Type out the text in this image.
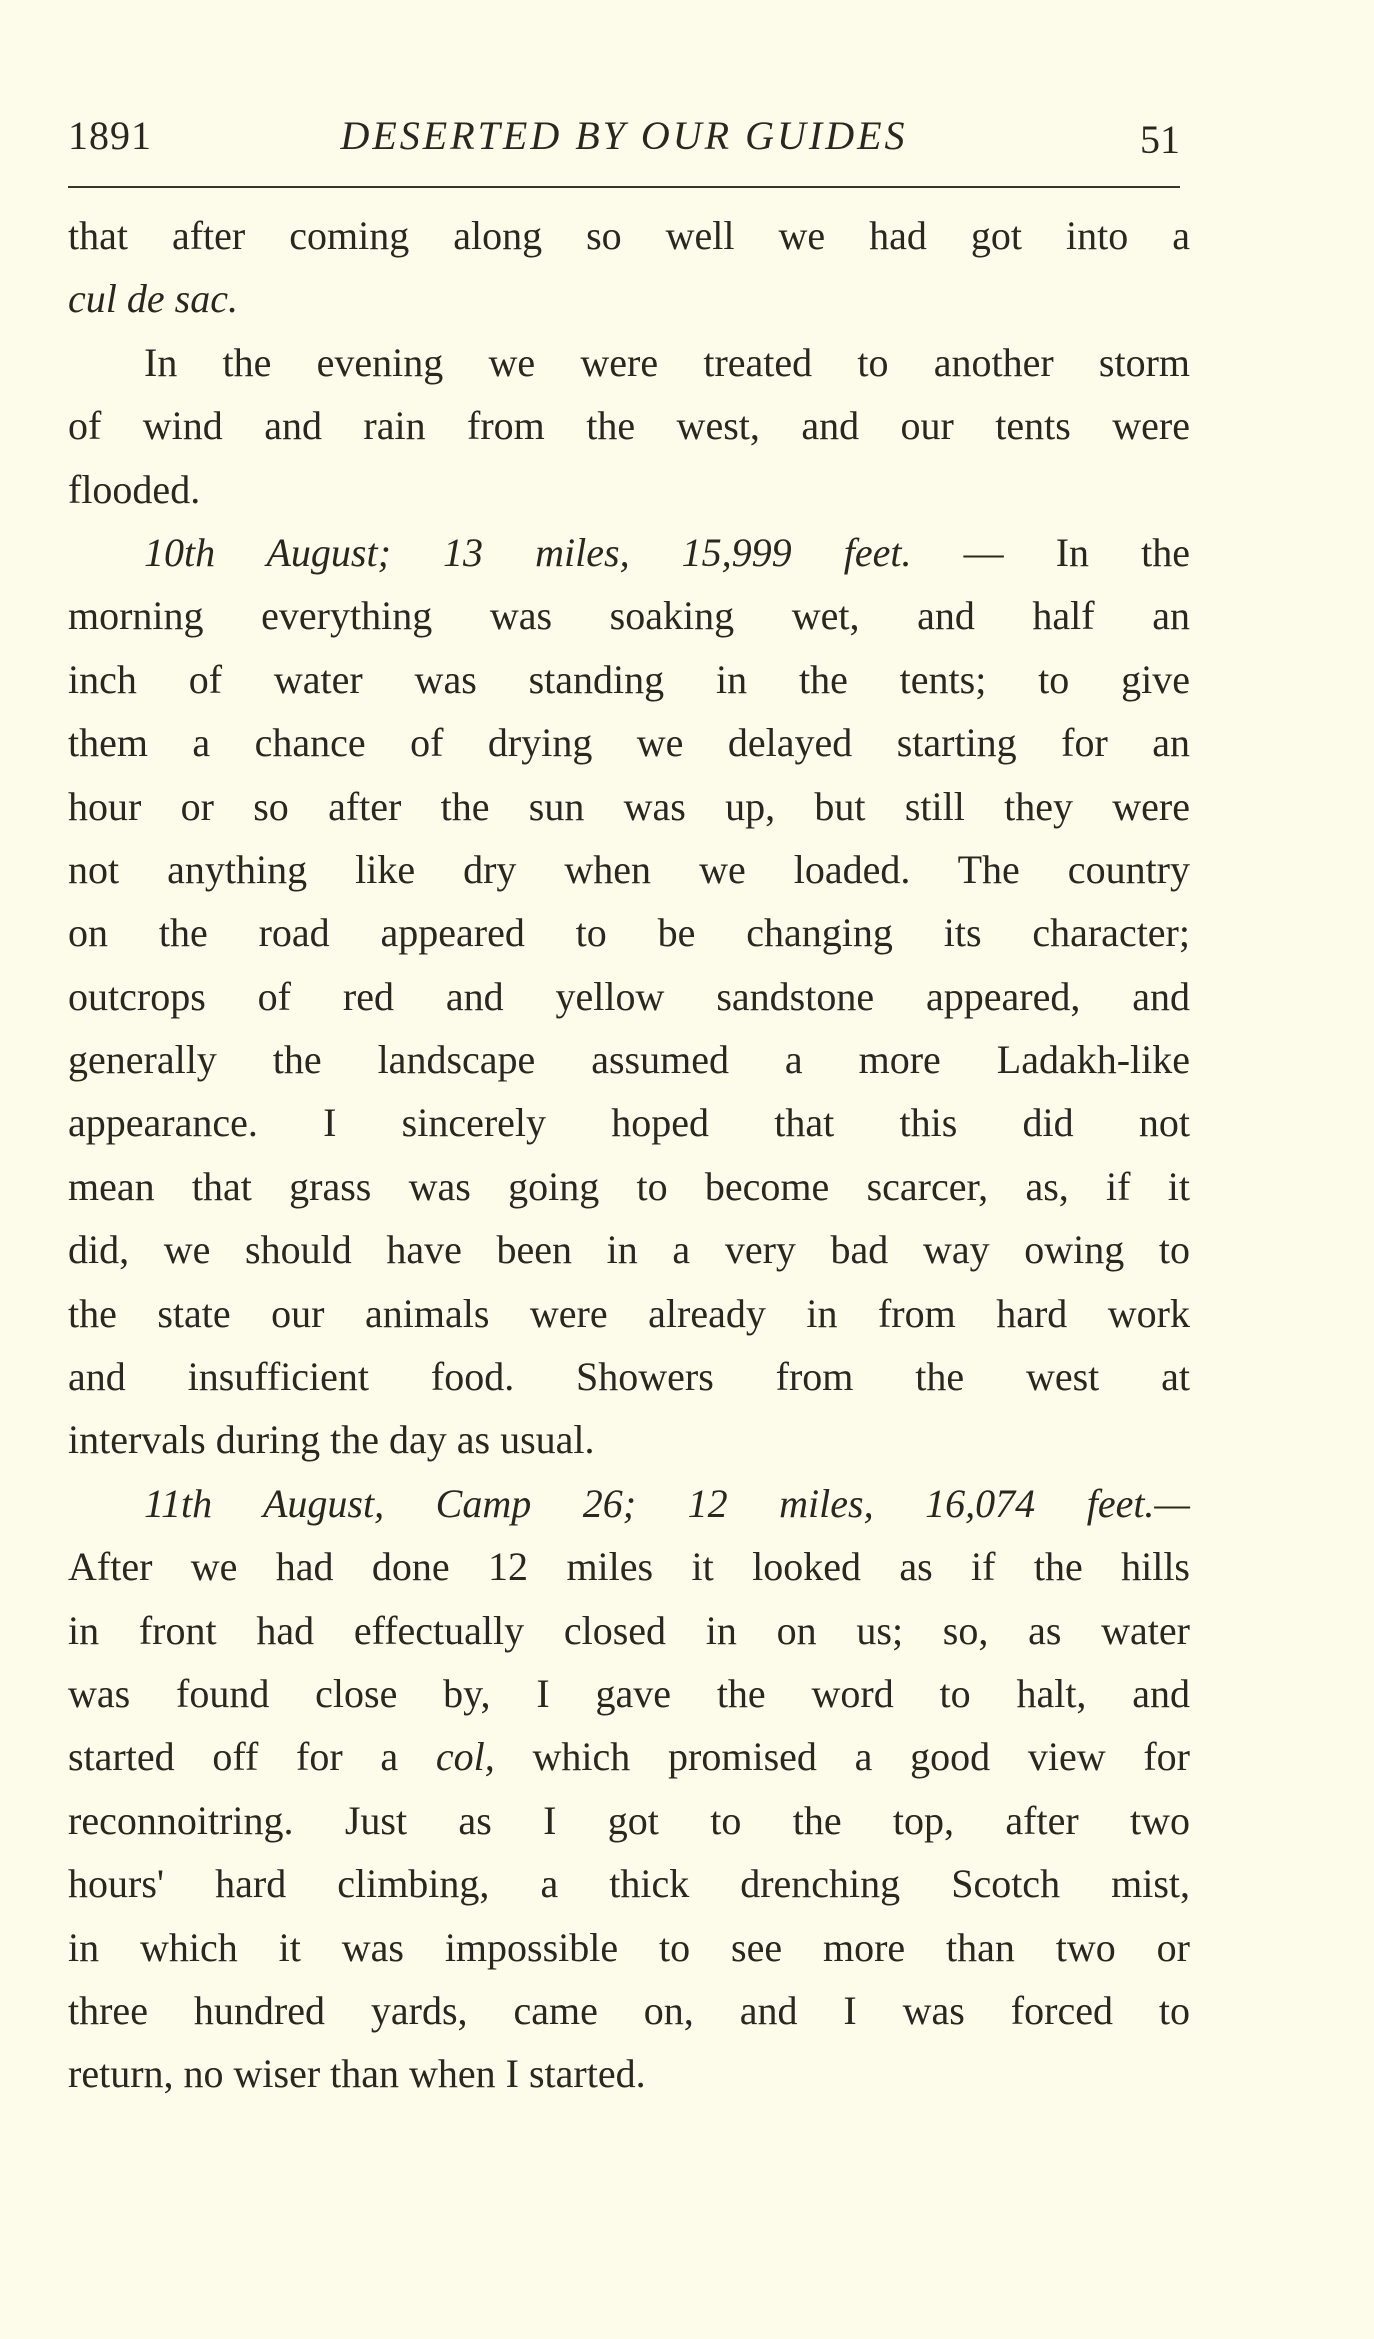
1891	DESERTED BY OUR GUIDES	51
that after coming along so well we had got into a
cul de sac.
In the evening we were treated to another storm
of wind and rain from the west, and our tents were
flooded.
10th August; 13 miles, 15,999 feet. — In the
morning everything was soaking wet, and half an
inch of water was standing in the tents; to give
them a chance of drying we delayed starting for an
hour or so after the sun was up, but still they were
not anything like dry when we loaded. The country
on the road appeared to be changing its character;
outcrops of red and yellow sandstone appeared, and
generally the landscape assumed a more Ladakh-like
appearance. I sincerely hoped that this did not
mean that grass was going to become scarcer, as, if it
did, we should have been in a very bad way owing to
the state our animals were already in from hard work
and insufficient food. Showers from the west at
intervals during the day as usual.
11th August, Camp 26; 12 miles, 16,074 feet.—
After we had done 12 miles it looked as if the hills
in front had effectually closed in on us; so, as water
was found close by, I gave the word to halt, and
started off for a col, which promised a good view for
reconnoitring. Just as I got to the top, after two
hours' hard climbing, a thick drenching Scotch mist,
in which it was impossible to see more than two or
three hundred yards, came on, and I was forced to
return, no wiser than when I started.
